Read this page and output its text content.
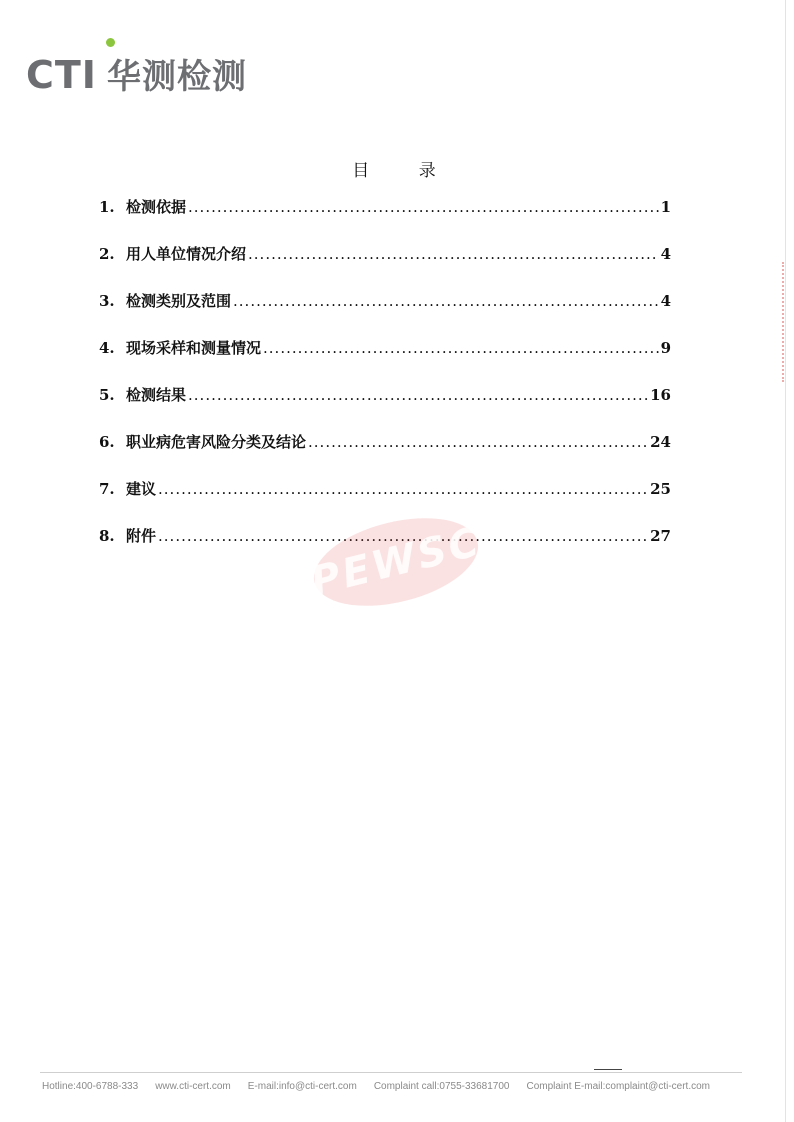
CTI 华测检测
目 录
1. 检测依据 .....	1
2. 用人单位情况介绍 .....	4
3. 检测类别及范围 .....	4
4. 现场采样和测量情况 .....	9
5. 检测结果 .....	16
6. 职业病危害风险分类及结论 .....	24
7. 建议 .....	25
8. 附件 .....	27
PEWSC
Hotline:400-6788-333 www.cti-cert.com E-mail:info@cti-cert.com Complaint call:0755-33681700 Complaint E-mail:complaint@cti-cert.com
